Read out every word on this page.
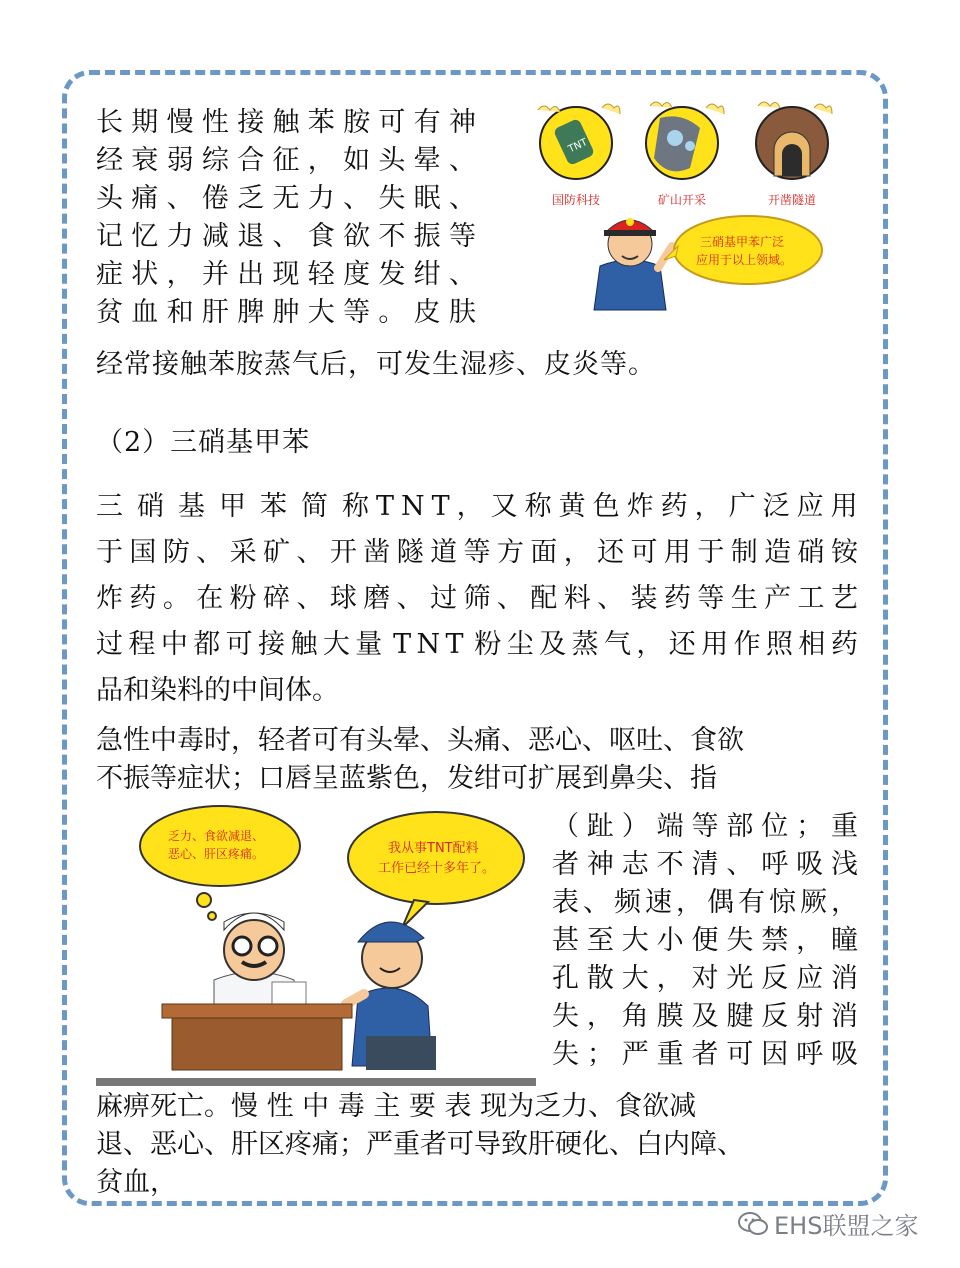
长 期 慢 性 接 触 苯 胺 可 有 神
经 衰 弱 综 合 征 ， 如 头 晕 、
头 痛 、 倦 乏 无 力 、 失 眠 、
记 忆 力 减 退 、 食 欲 不 振 等
症 状 ， 并 出 现 轻 度 发 绀 、
贫 血 和 肝 脾 肿 大 等 。 皮 肤
经常接触苯胺蒸气后，可发生湿疹、皮炎等。
TNT
国防科技	矿山开采	开凿隧道
三硝基甲苯广泛
应用于以上领域。
（2）三硝基甲苯
三 硝 基 甲 苯 简 称 T N T ， 又 称 黄 色 炸 药 ， 广 泛 应 用
于 国 防 、 采 矿 、 开 凿 隧 道 等 方 面 ， 还 可 用 于 制 造 硝 铵
炸 药 。 在 粉 碎 、 球 磨 、 过 筛 、 配 料 、 装 药 等 生 产 工 艺
过 程 中 都 可 接 触 大 量 T N T 粉 尘 及 蒸 气 ， 还 用 作 照 相 药
品和染料的中间体。
急性中毒时，轻者可有头晕、头痛、恶心、呕吐、食欲
不振等症状；口唇呈蓝紫色，发绀可扩展到鼻尖、指
乏力、食欲减退、
恶心、肝区疼痛。	我从事TNT配料
工作已经十多年了。
（ 趾 ） 端 等 部 位 ； 重
者 神 志 不 清 、 呼 吸 浅
表 、 频 速 ， 偶 有 惊 厥 ，
甚 至 大 小 便 失 禁 ， 瞳
孔 散 大 ， 对 光 反 应 消
失 ， 角 膜 及 腱 反 射 消
失 ； 严 重 者 可 因 呼 吸
麻痹死亡。慢 性 中 毒 主 要 表 现为乏力、食欲减
退、恶心、肝区疼痛；严重者可导致肝硬化、白内障、
贫血，
EHS联盟之家
